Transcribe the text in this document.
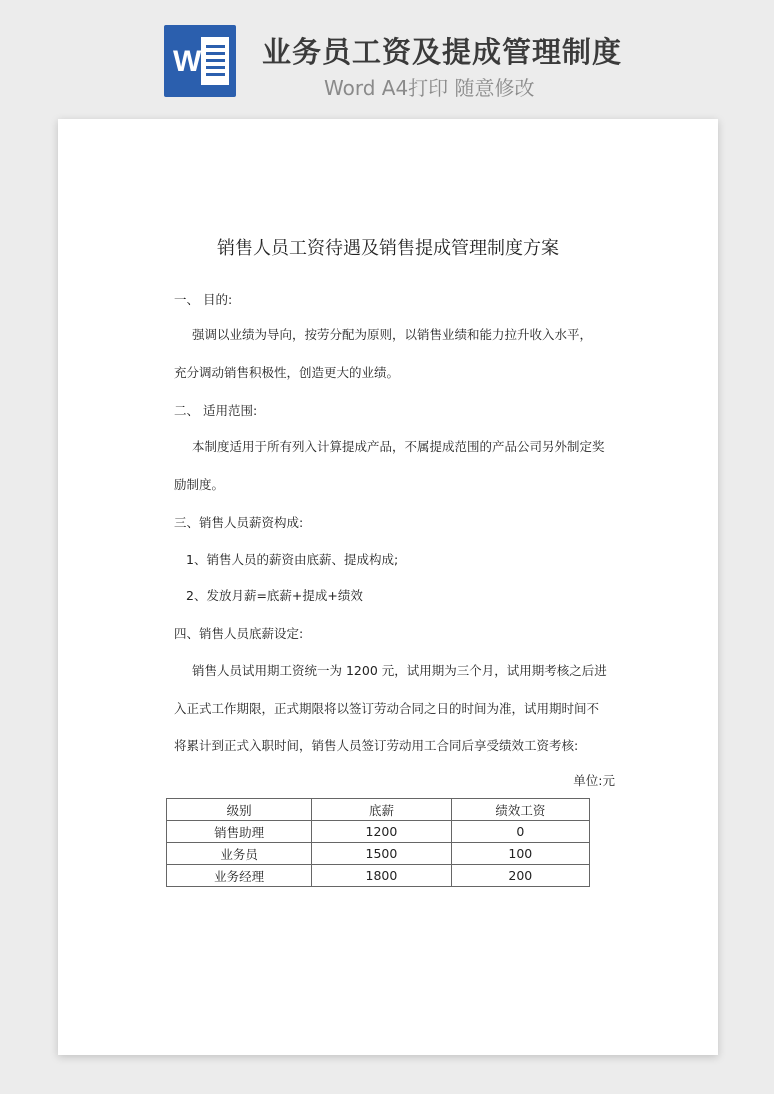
W 业务员工资及提成管理制度
Word A4打印 随意修改
销售人员工资待遇及销售提成管理制度方案
一、 目的:
强调以业绩为导向，按劳分配为原则，以销售业绩和能力拉升收入水平，
充分调动销售积极性，创造更大的业绩。
二、 适用范围:
本制度适用于所有列入计算提成产品，不属提成范围的产品公司另外制定奖
励制度。
三、销售人员薪资构成:
1、销售人员的薪资由底薪、提成构成;
2、发放月薪=底薪+提成+绩效
四、销售人员底薪设定:
销售人员试用期工资统一为 1200 元，试用期为三个月，试用期考核之后进
入正式工作期限，正式期限将以签订劳动合同之日的时间为准，试用期时间不
将累计到正式入职时间，销售人员签订劳动用工合同后享受绩效工资考核:
单位:元
级别	底薪	绩效工资
销售助理	1200	0
业务员	1500	100
业务经理	1800	200
